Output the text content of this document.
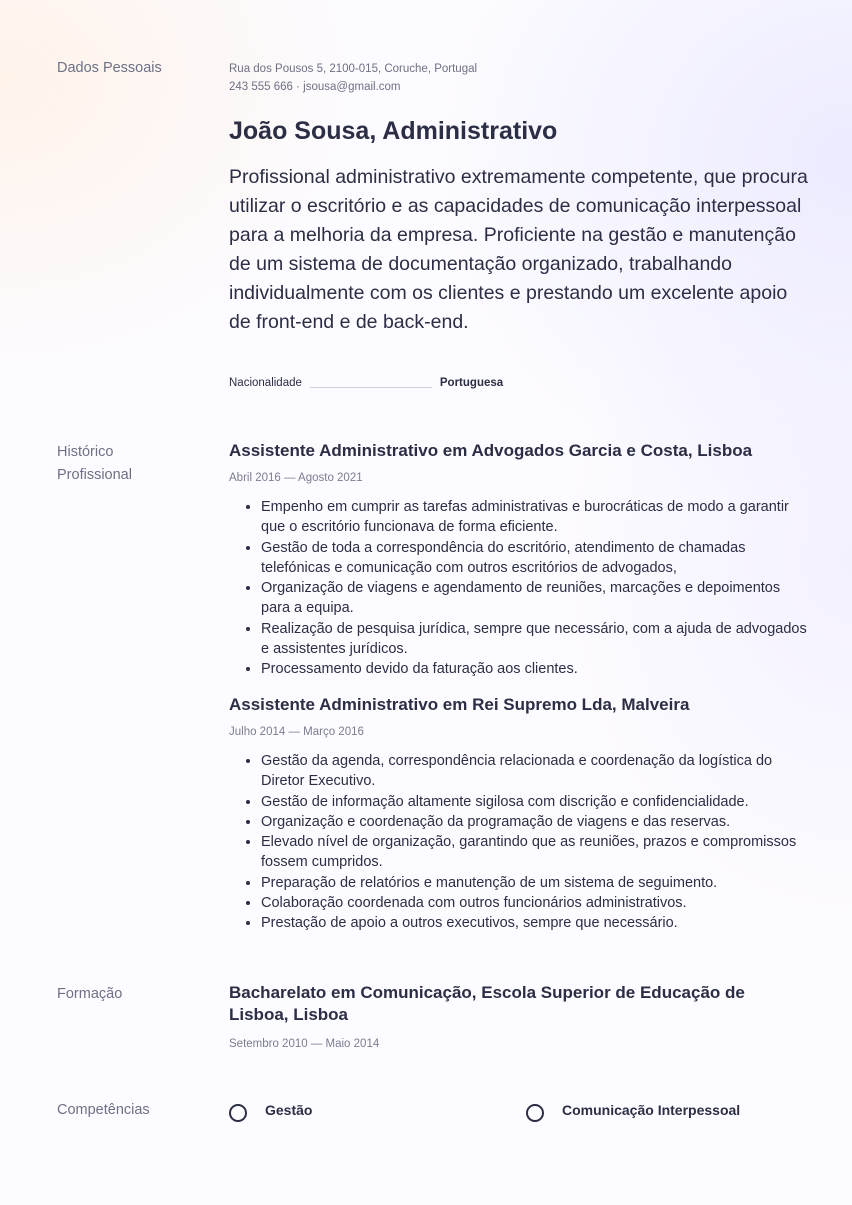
Dados Pessoais	Rua dos Pousos 5, 2100-015, Coruche, Portugal
243 555 666 · jsousa@gmail.com
João Sousa, Administrativo

Profissional administrativo extremamente competente, que procura utilizar o escritório e as capacidades de comunicação interpessoal para a melhoria da empresa. Proficiente na gestão e manutenção de um sistema de documentação organizado, trabalhando individualmente com os clientes e prestando um excelente apoio de front-end e de back-end.

Nacionalidade	Portuguesa
Histórico Profissional
Assistente Administrativo em Advogados Garcia e Costa, Lisboa
Abril 2016 — Agosto 2021
• Empenho em cumprir as tarefas administrativas e burocráticas de modo a garantir que o escritório funcionava de forma eficiente.
• Gestão de toda a correspondência do escritório, atendimento de chamadas telefónicas e comunicação com outros escritórios de advogados,
• Organização de viagens e agendamento de reuniões, marcações e depoimentos para a equipa.
• Realização de pesquisa jurídica, sempre que necessário, com a ajuda de advogados e assistentes jurídicos.
• Processamento devido da faturação aos clientes.
Assistente Administrativo em Rei Supremo Lda, Malveira
Julho 2014 — Março 2016
• Gestão da agenda, correspondência relacionada e coordenação da logística do Diretor Executivo.
• Gestão de informação altamente sigilosa com discrição e confidencialidade.
• Organização e coordenação da programação de viagens e das reservas.
• Elevado nível de organização, garantindo que as reuniões, prazos e compromissos fossem cumpridos.
• Preparação de relatórios e manutenção de um sistema de seguimento.
• Colaboração coordenada com outros funcionários administrativos.
• Prestação de apoio a outros executivos, sempre que necessário.
Formação	Bacharelato em Comunicação, Escola Superior de Educação de Lisboa, Lisboa
Setembro 2010 — Maio 2014
Competências	Gestão	Comunicação Interpessoal
